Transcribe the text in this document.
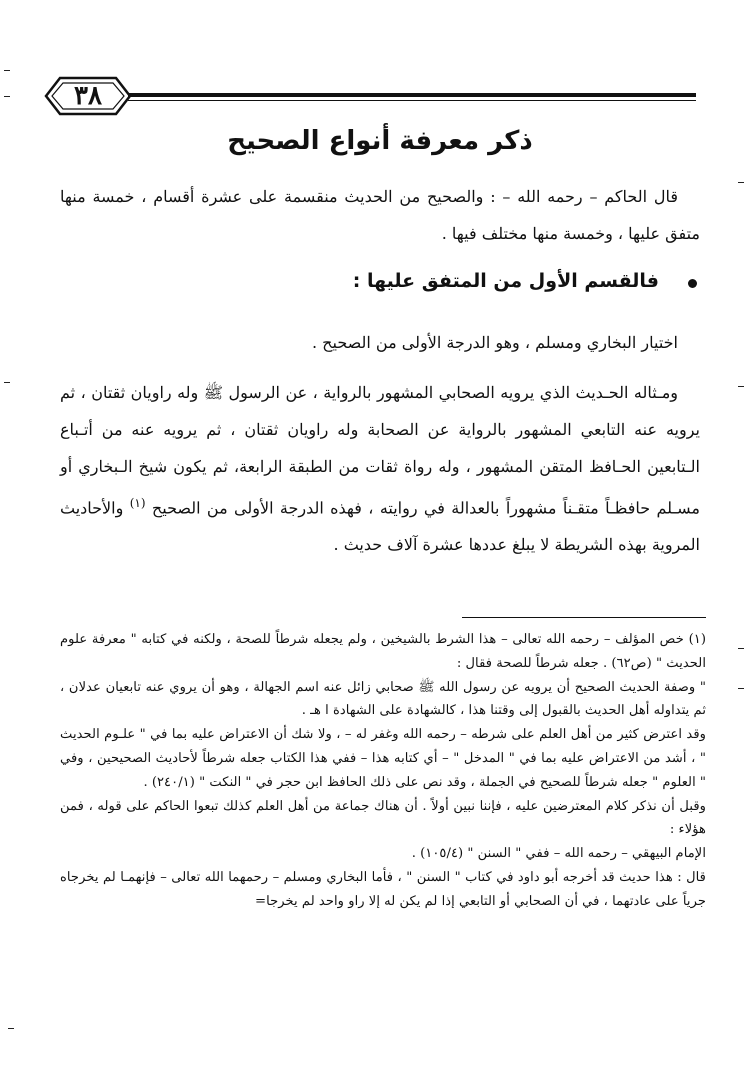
٣٨
ذكر معرفة أنواع الصحيح
قال الحاكم – رحمه الله – : والصحيح من الحديث منقسمة على عشرة أقسام ، خمسة منها متفق عليها ، وخمسة منها مختلف فيها .
فالقسم الأول من المتفق عليها :
اختيار البخاري ومسلم ، وهو الدرجة الأولى من الصحيح .
ومـثاله الحـديث الذي يرويه الصحابي المشهور بالرواية ، عن الرسول ﷺ وله راويان ثقتان ، ثم يرويه عنه التابعي المشهور بالرواية عن الصحابة وله راويان ثقتان ، ثم يرويه عنه من أتـباع الـتابعين الحـافظ المتقن المشهور ، وله رواة ثقات من الطبقة الرابعة، ثم يكون شيخ الـبخاري أو مسـلم حافظـاً متقـناً مشهوراً بالعدالة في روايته ، فهذه الدرجة الأولى من الصحيح $^{(١)}$ والأحاديث المروية بهذه الشريطة لا يبلغ عددها عشرة آلاف حديث .

(١) خص المؤلف – رحمه الله تعالى – هذا الشرط بالشيخين ، ولم يجعله شرطاً للصحة ، ولكنه في كتابه " معرفة علوم الحديث " (ص٦٢) . جعله شرطاً للصحة فقال :

" وصفة الحديث الصحيح أن يرويه عن رسول الله ﷺ صحابي زائل عنه اسم الجهالة ، وهو أن يروي عنه تابعيان عدلان ، ثم يتداوله أهل الحديث بالقبول إلى وقتنا هذا ، كالشهادة على الشهادة ا هـ .

وقد اعترض كثير من أهل العلم على شرطه – رحمه الله وغفر له – ، ولا شك أن الاعتراض عليه بما في " علـوم الحديث " ، أشد من الاعتراض عليه بما في " المدخل " – أي كتابه هذا – ففي هذا الكتاب جعله شرطاً لأحاديث الصحيحين ، وفي " العلوم " جعله شرطاً للصحيح في الجملة ، وقد نص على ذلك الحافظ ابن حجر في " النكت " (٢٤٠/١) .

وقبل أن نذكر كلام المعترضين عليه ، فإننا نبين أولاً . أن هناك جماعة من أهل العلم كذلك تبعوا الحاكم على قوله ، فمن هؤلاء :

الإمام البيهقي – رحمه الله – ففي " السنن " (١٠٥/٤) .

قال : هذا حديث قد أخرجه أبو داود في كتاب " السنن " ، فأما البخاري ومسلم – رحمهما الله تعالى – فإنهمـا لم يخرجاه جرياً على عادتهما ، في أن الصحابي أو التابعي إذا لم يكن له إلا راو واحد لم يخرجا=
